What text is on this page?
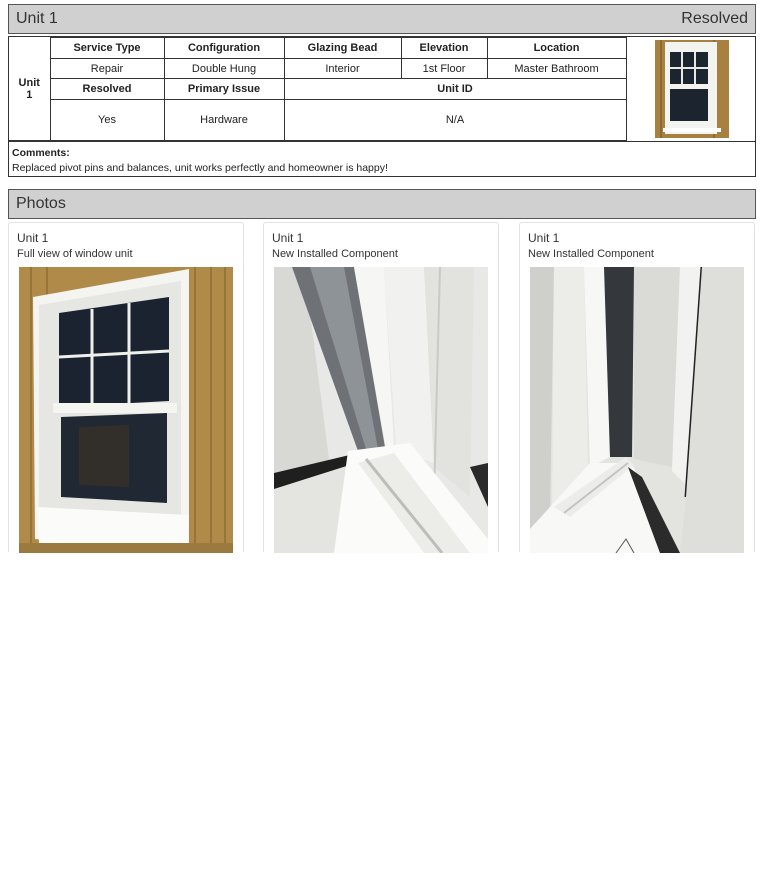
Unit 1	Resolved
Unit
1	Service Type	Configuration	Glazing Bead	Elevation	Location
	Repair	Double Hung	Interior	1st Floor	Master Bathroom
	Resolved	Primary Issue	Unit ID		
	Yes	Hardware	N/A		
Comments:
Replaced pivot pins and balances, unit works perfectly and homeowner is happy!
Photos
Unit 1
Full view of window unit
Unit 1
New Installed Component
Unit 1
New Installed Component
